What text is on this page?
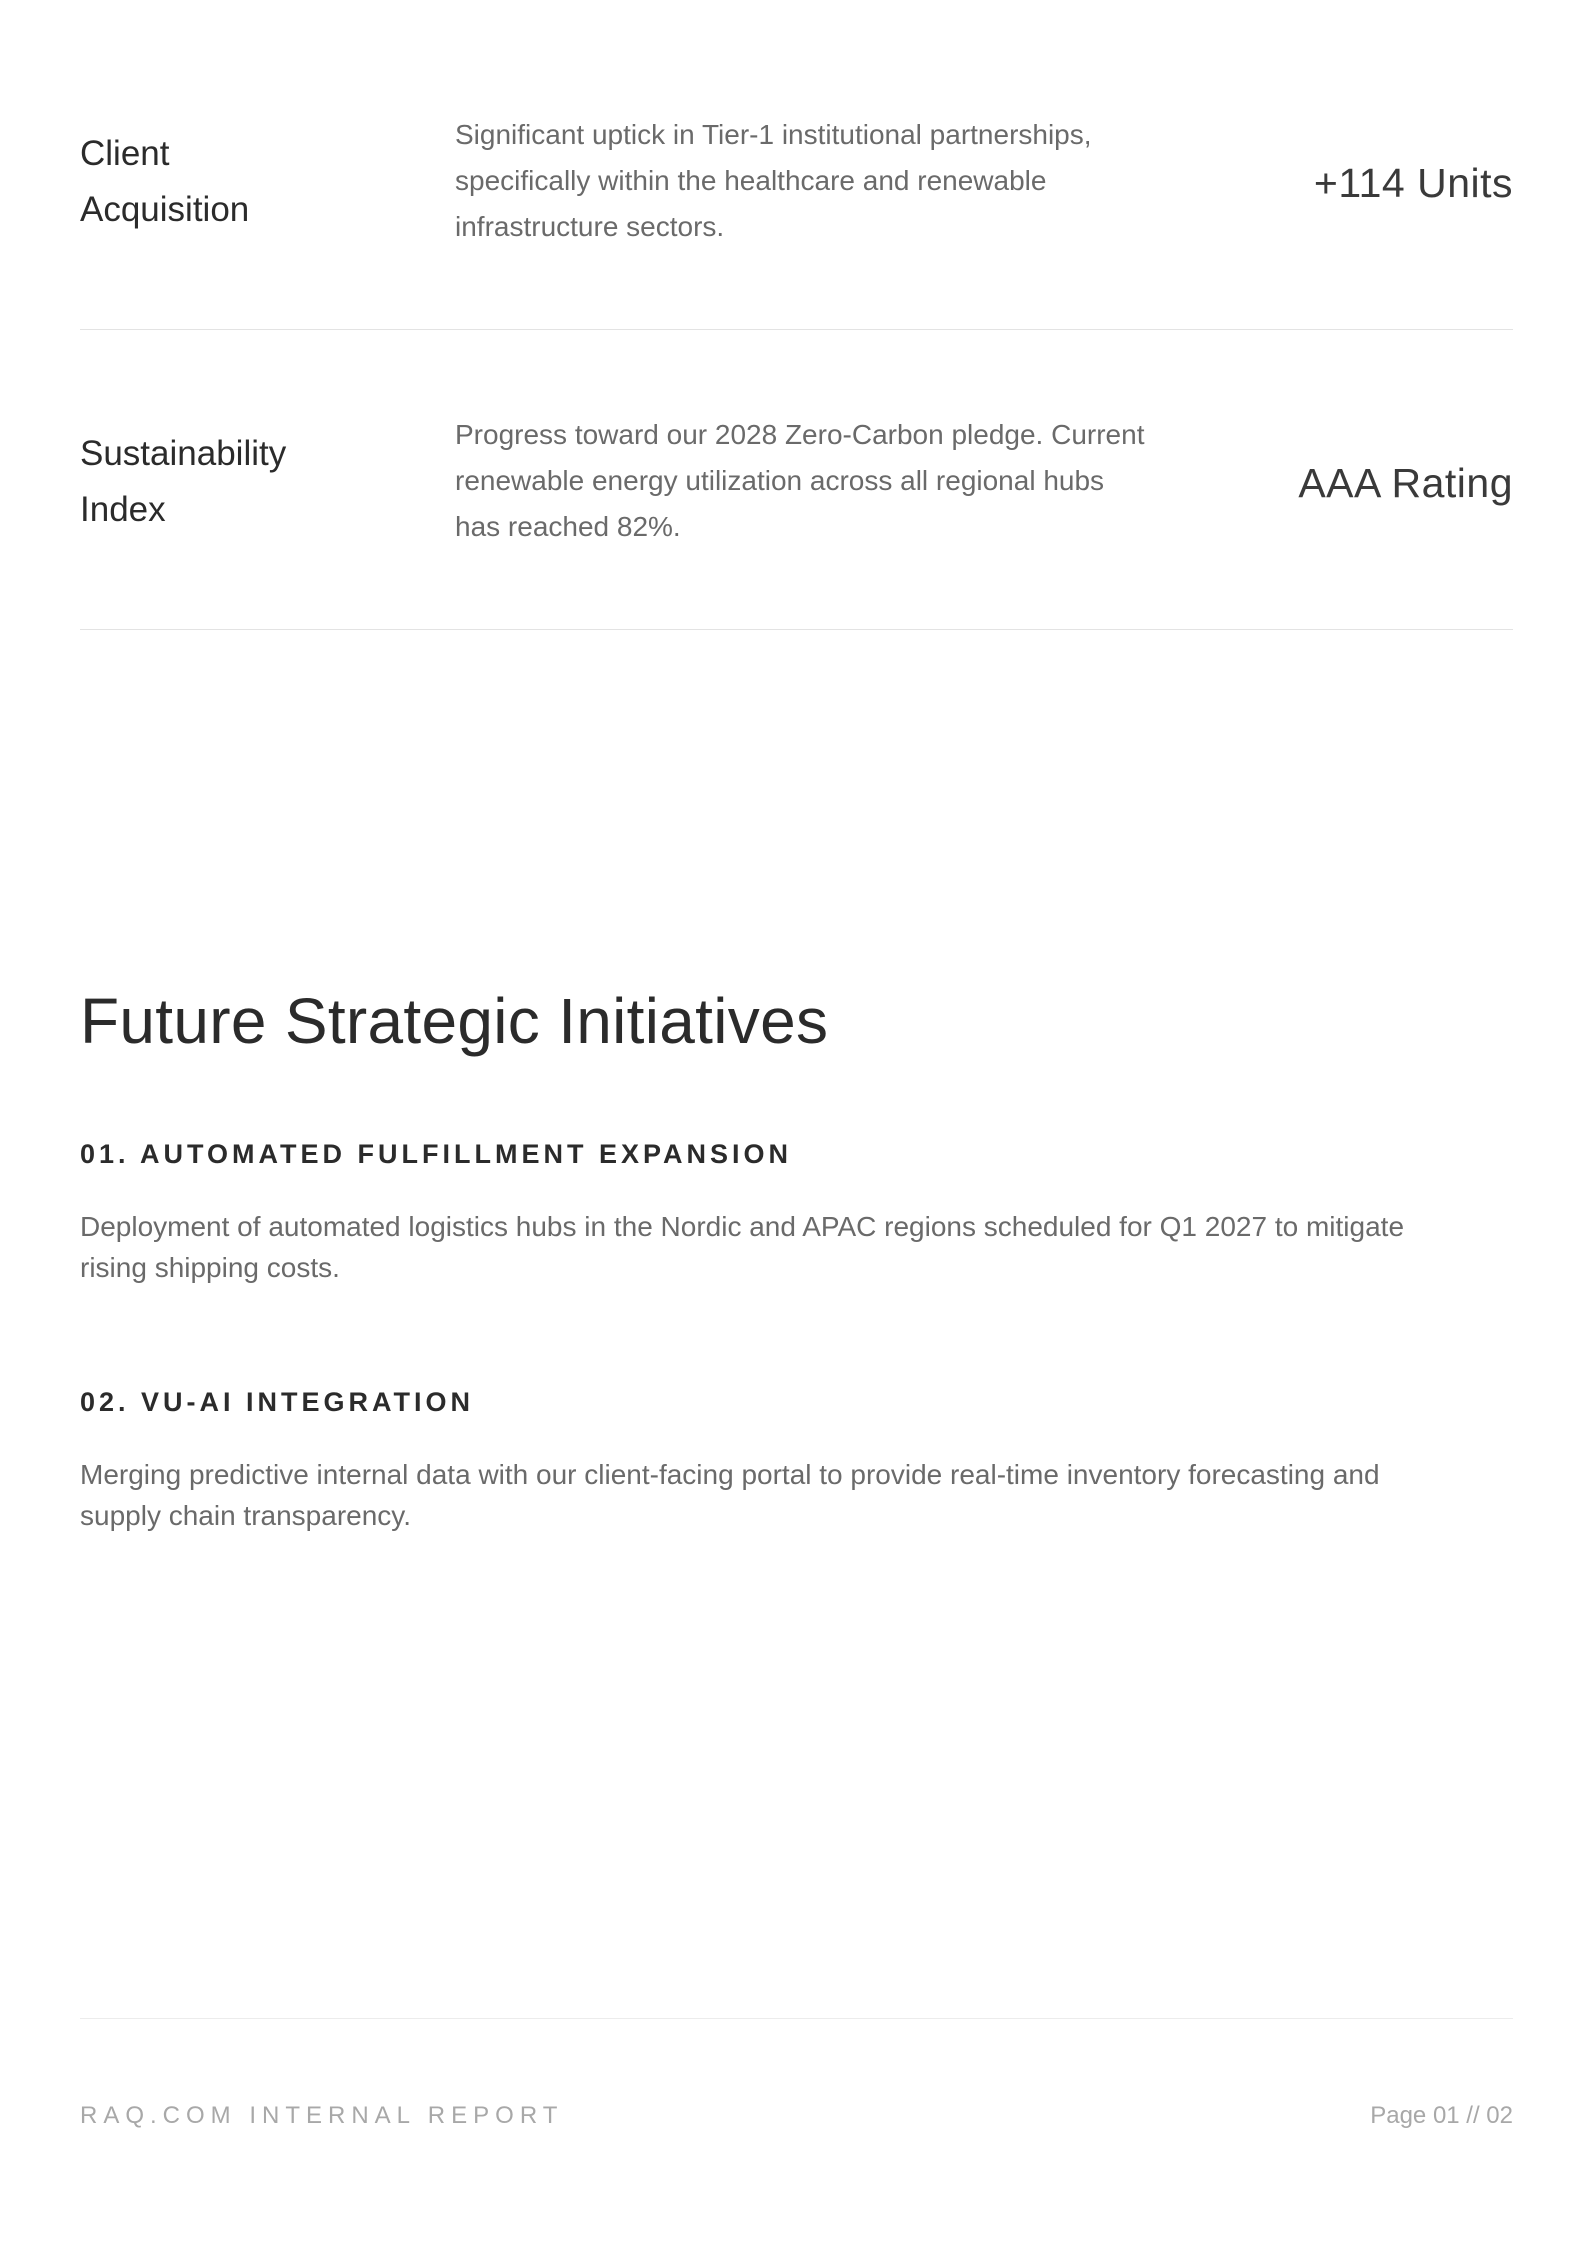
Client
Acquisition
Significant uptick in Tier-1 institutional partnerships, specifically within the healthcare and renewable infrastructure sectors.
+114 Units
Sustainability
Index
Progress toward our 2028 Zero-Carbon pledge. Current renewable energy utilization across all regional hubs has reached 82%.
AAA Rating
Future Strategic Initiatives
01. AUTOMATED FULFILLMENT EXPANSION
Deployment of automated logistics hubs in the Nordic and APAC regions scheduled for Q1 2027 to mitigate rising shipping costs.
02. VU-AI INTEGRATION
Merging predictive internal data with our client-facing portal to provide real-time inventory forecasting and supply chain transparency.
RAQ.COM INTERNAL REPORT	Page 01 // 02
